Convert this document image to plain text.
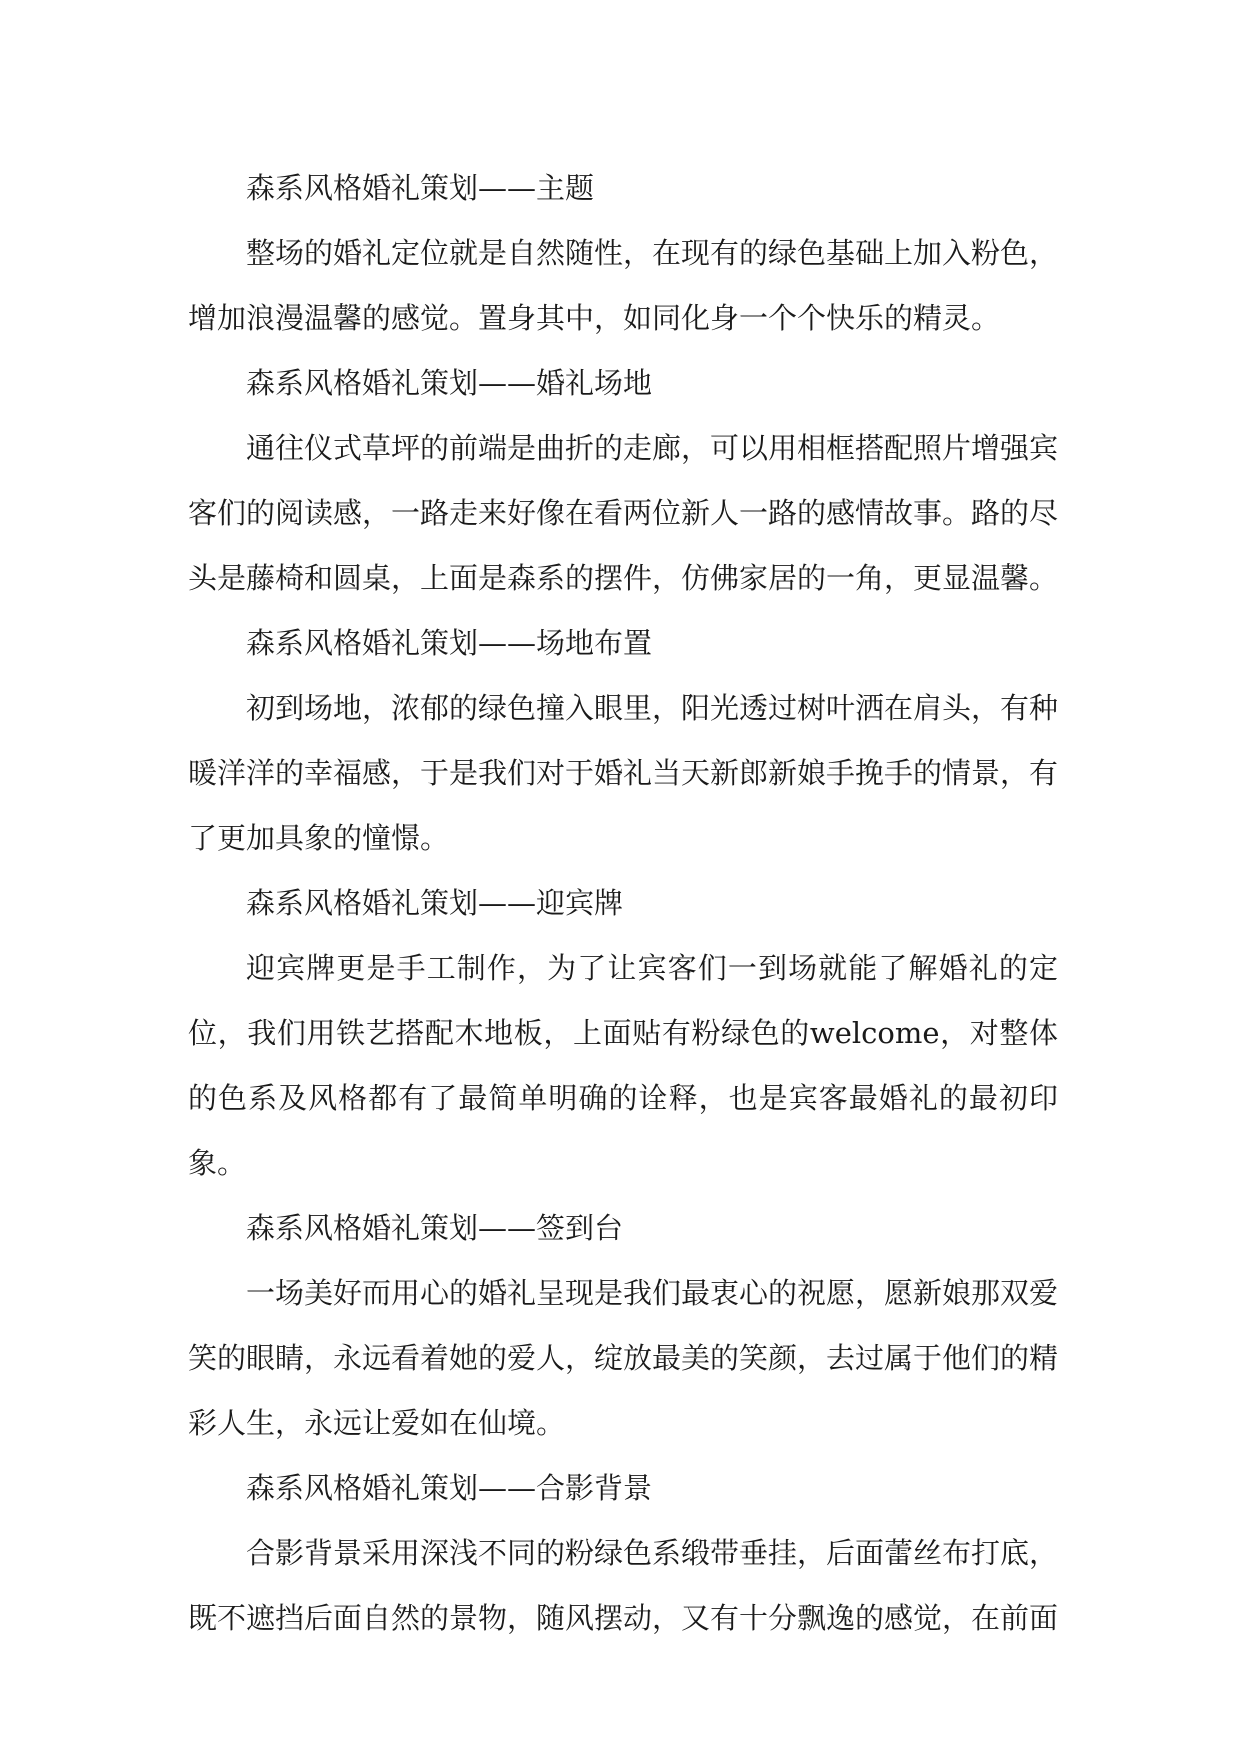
森系风格婚礼策划——主题

整场的婚礼定位就是自然随性，在现有的绿色基础上加入粉色，增加浪漫温馨的感觉。置身其中，如同化身一个个快乐的精灵。

森系风格婚礼策划——婚礼场地

通往仪式草坪的前端是曲折的走廊，可以用相框搭配照片增强宾客们的阅读感，一路走来好像在看两位新人一路的感情故事。路的尽头是藤椅和圆桌，上面是森系的摆件，仿佛家居的一角，更显温馨。

森系风格婚礼策划——场地布置

初到场地，浓郁的绿色撞入眼里，阳光透过树叶洒在肩头，有种暖洋洋的幸福感，于是我们对于婚礼当天新郎新娘手挽手的情景，有了更加具象的憧憬。

森系风格婚礼策划——迎宾牌

迎宾牌更是手工制作，为了让宾客们一到场就能了解婚礼的定位，我们用铁艺搭配木地板，上面贴有粉绿色的welcome，对整体的色系及风格都有了最简单明确的诠释，也是宾客最婚礼的最初印象。

森系风格婚礼策划——签到台

一场美好而用心的婚礼呈现是我们最衷心的祝愿，愿新娘那双爱笑的眼睛，永远看着她的爱人，绽放最美的笑颜，去过属于他们的精彩人生，永远让爱如在仙境。

森系风格婚礼策划——合影背景

合影背景采用深浅不同的粉绿色系缎带垂挂，后面蕾丝布打底，既不遮挡后面自然的景物，随风摆动，又有十分飘逸的感觉，在前面
